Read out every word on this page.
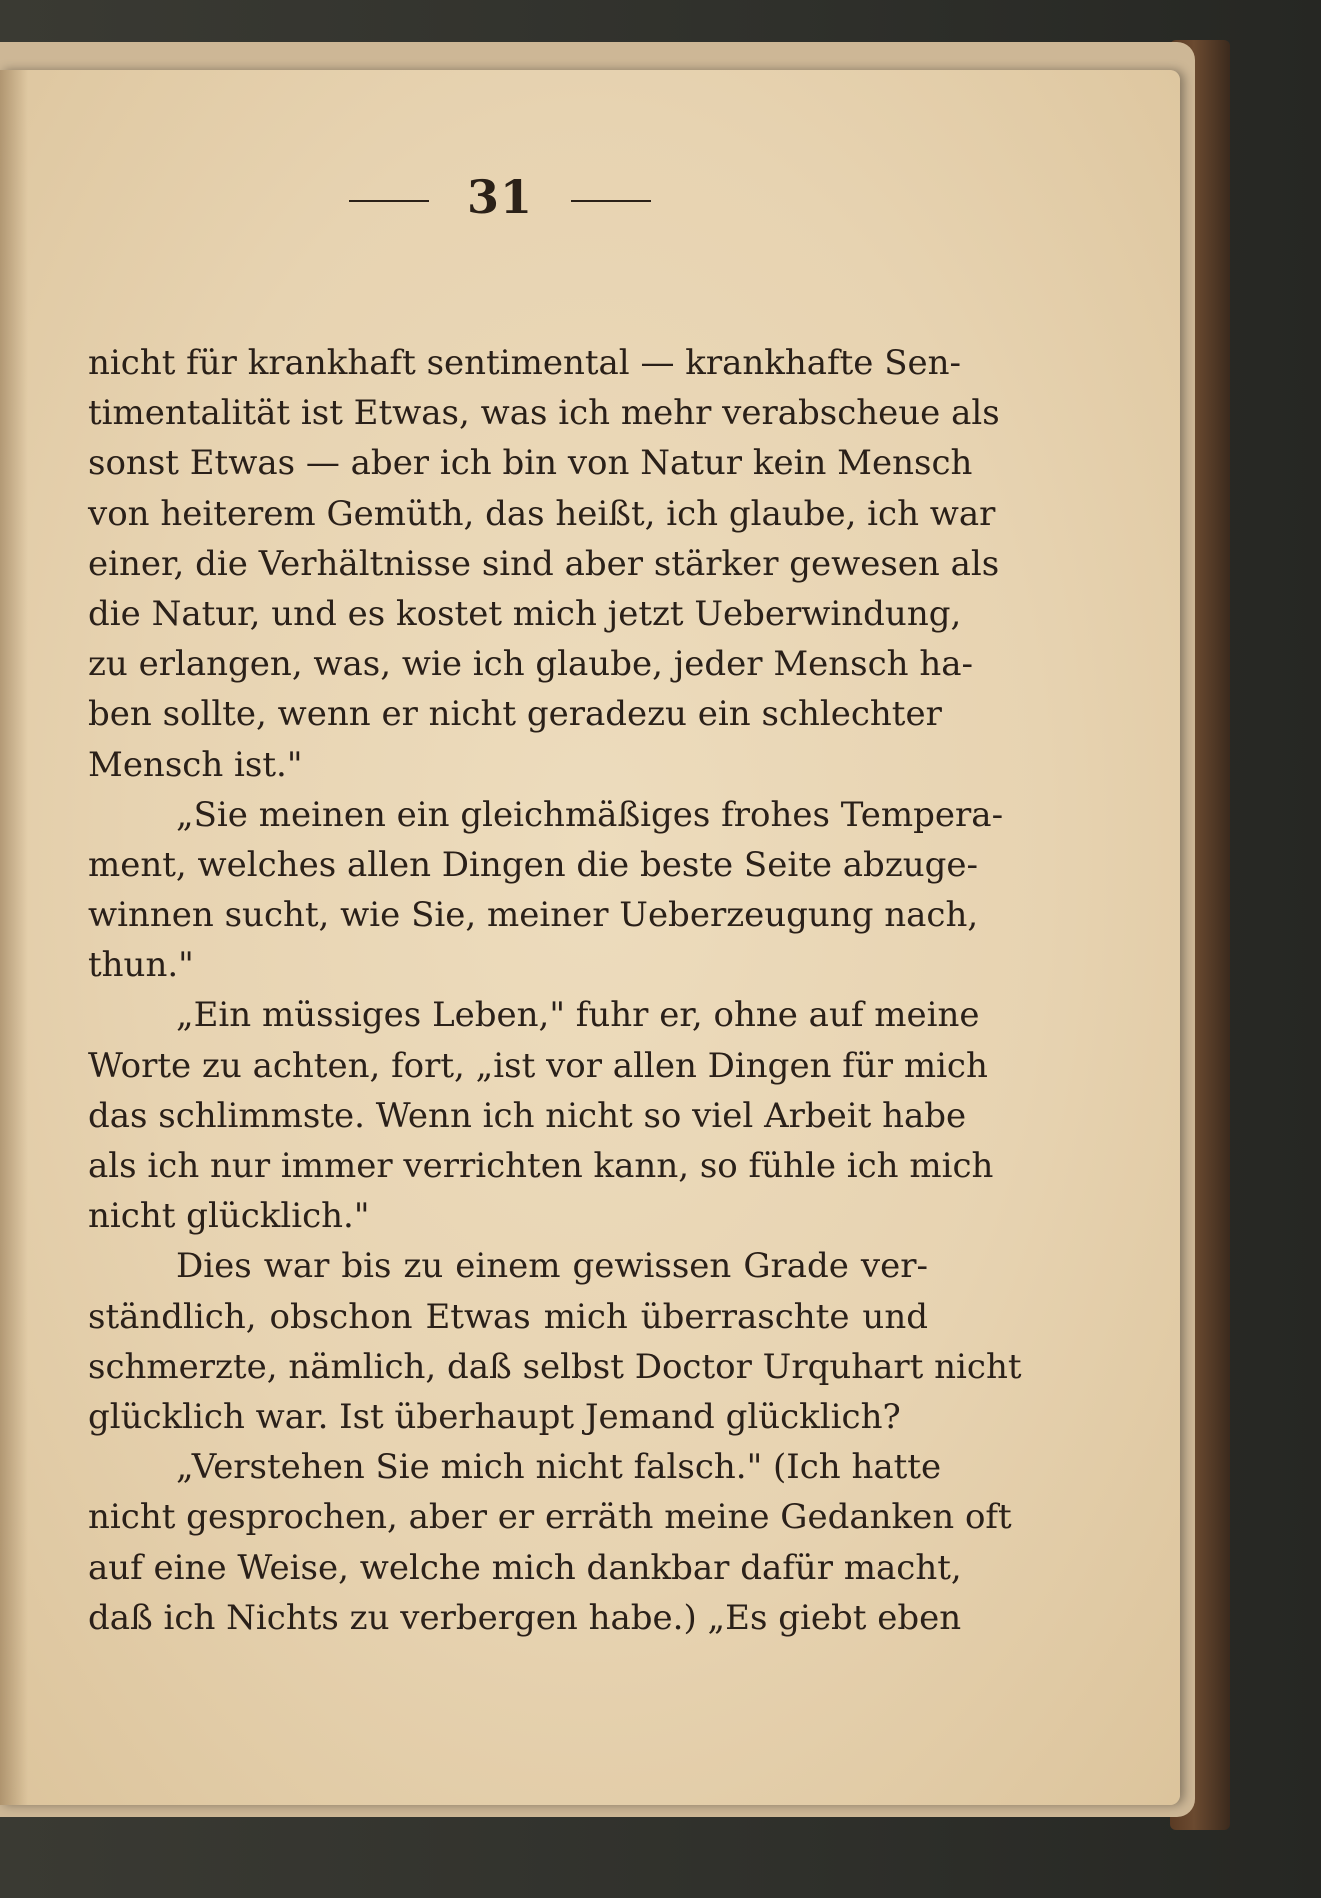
31
nicht für krankhaft sentimental — krankhafte Sen-
timentalität ist Etwas, was ich mehr verabscheue als
sonst Etwas — aber ich bin von Natur kein Mensch
von heiterem Gemüth, das heißt, ich glaube, ich war
einer, die Verhältnisse sind aber stärker gewesen als
die Natur, und es kostet mich jetzt Ueberwindung,
zu erlangen, was, wie ich glaube, jeder Mensch ha-
ben sollte, wenn er nicht geradezu ein schlechter
Mensch ist."
„Sie meinen ein gleichmäßiges frohes Tempera-
ment, welches allen Dingen die beste Seite abzuge-
winnen sucht, wie Sie, meiner Ueberzeugung nach,
thun."
„Ein müssiges Leben," fuhr er, ohne auf meine
Worte zu achten, fort, „ist vor allen Dingen für mich
das schlimmste. Wenn ich nicht so viel Arbeit habe
als ich nur immer verrichten kann, so fühle ich mich
nicht glücklich."
Dies war bis zu einem gewissen Grade ver-
ständlich, obschon Etwas mich überraschte und
schmerzte, nämlich, daß selbst Doctor Urquhart nicht
glücklich war. Ist überhaupt Jemand glücklich?
„Verstehen Sie mich nicht falsch." (Ich hatte
nicht gesprochen, aber er erräth meine Gedanken oft
auf eine Weise, welche mich dankbar dafür macht,
daß ich Nichts zu verbergen habe.) „Es giebt eben
